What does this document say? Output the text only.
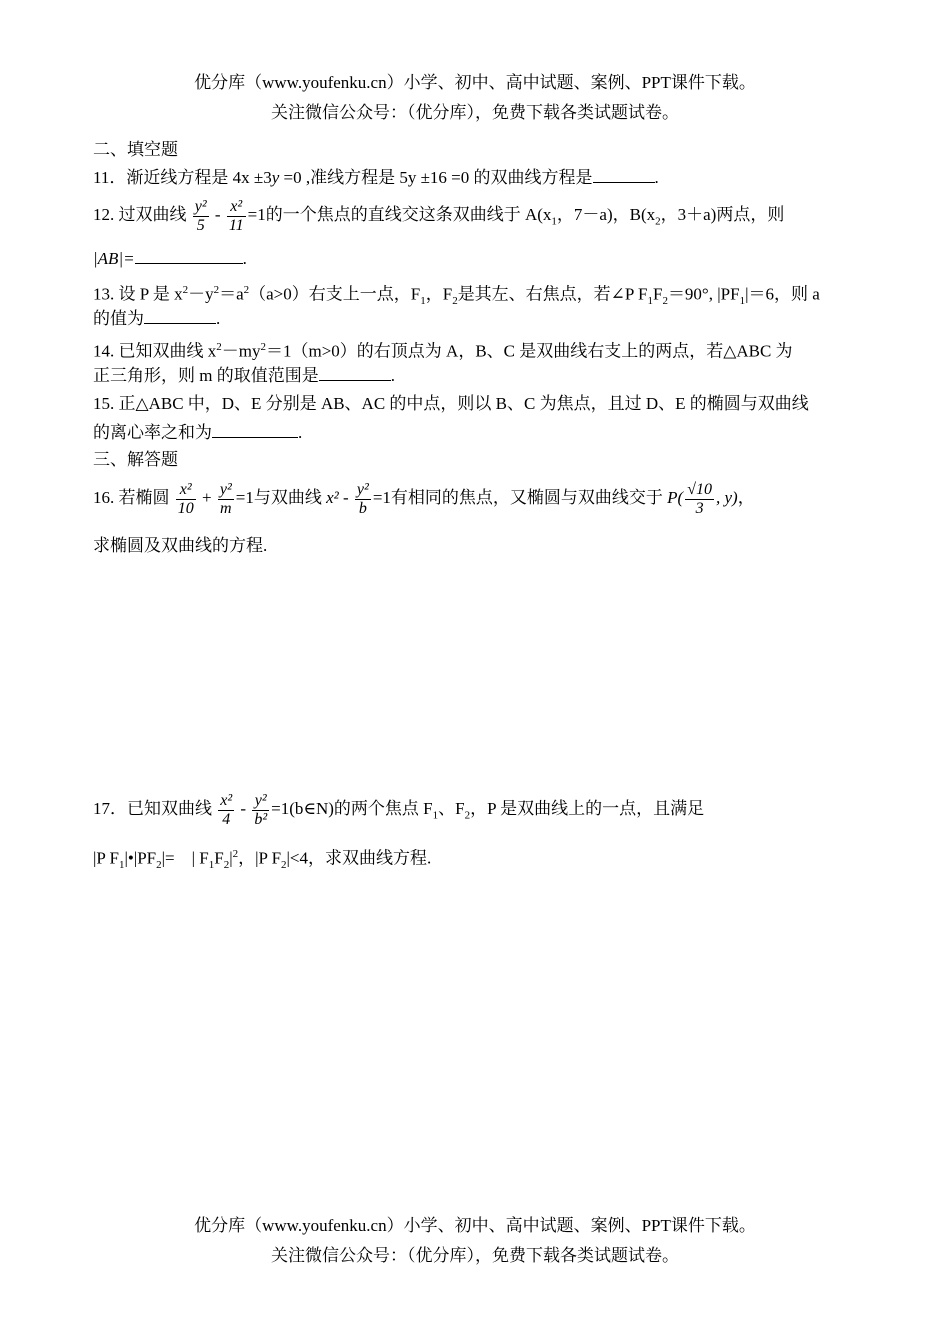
优分库（www.youfenku.cn）小学、初中、高中试题、案例、PPT课件下载。
关注微信公众号：（优分库），免费下载各类试题试卷。
二、填空题
11．渐近线方程是 4x ±3y =0 ,准线方程是 5y ±16 =0 的双曲线方程是	.
12. 过双曲线 $\frac{\text{y²}}{5} - \frac{\text{x²}}{11} =1$的一个焦点的直线交这条双曲线于 $A(x_1$，7－a)，$B(x_2$，3＋a)两点，则
|AB|=	.
13. 设 P 是 $x^2-y^2=a^2(a>0)$右支上一点，$F_1$，$F_2$是其左、右焦点，若∠P $F_1F_2=90^\circ$, $|PF_1|=6$，则 a
的值为	.
14. 已知双曲线 $x^2-my^2=1(m>0)$的右顶点为 A，B、C 是双曲线右支上的两点，若△ABC 为
正三角形，则 m 的取值范围是	.
15. 正△ABC 中，D、E 分别是 AB、AC 的中点，则以 B、C 为焦点，且过 D、E 的椭圆与双曲线
的离心率之和为	.
三、解答题
16. 若椭圆 $\frac{\text{x²}}{10} + \frac{\text{y²}}{m} =1$与双曲线 $x^2 - \frac{\text{y²}}{b} =1$有相同的焦点，又椭圆与双曲线交于 $P( \frac{√10}{3}$ , y)，
求椭圆及双曲线的方程.
17．已知双曲线 $\frac{\text{x²}}{4} - \frac{\text{y²}}{\text{b²}}$ =1(b∈N)的两个焦点 $F_1$、$F_2$，P 是双曲线上的一点，且满足
|P $F_1|•|PF_2|=$    | $F_1F_2|^2$，|P $F_2|<4$，求双曲线方程.
优分库（www.youfenku.cn）小学、初中、高中试题、案例、PPT课件下载。
关注微信公众号：（优分库），免费下载各类试题试卷。
